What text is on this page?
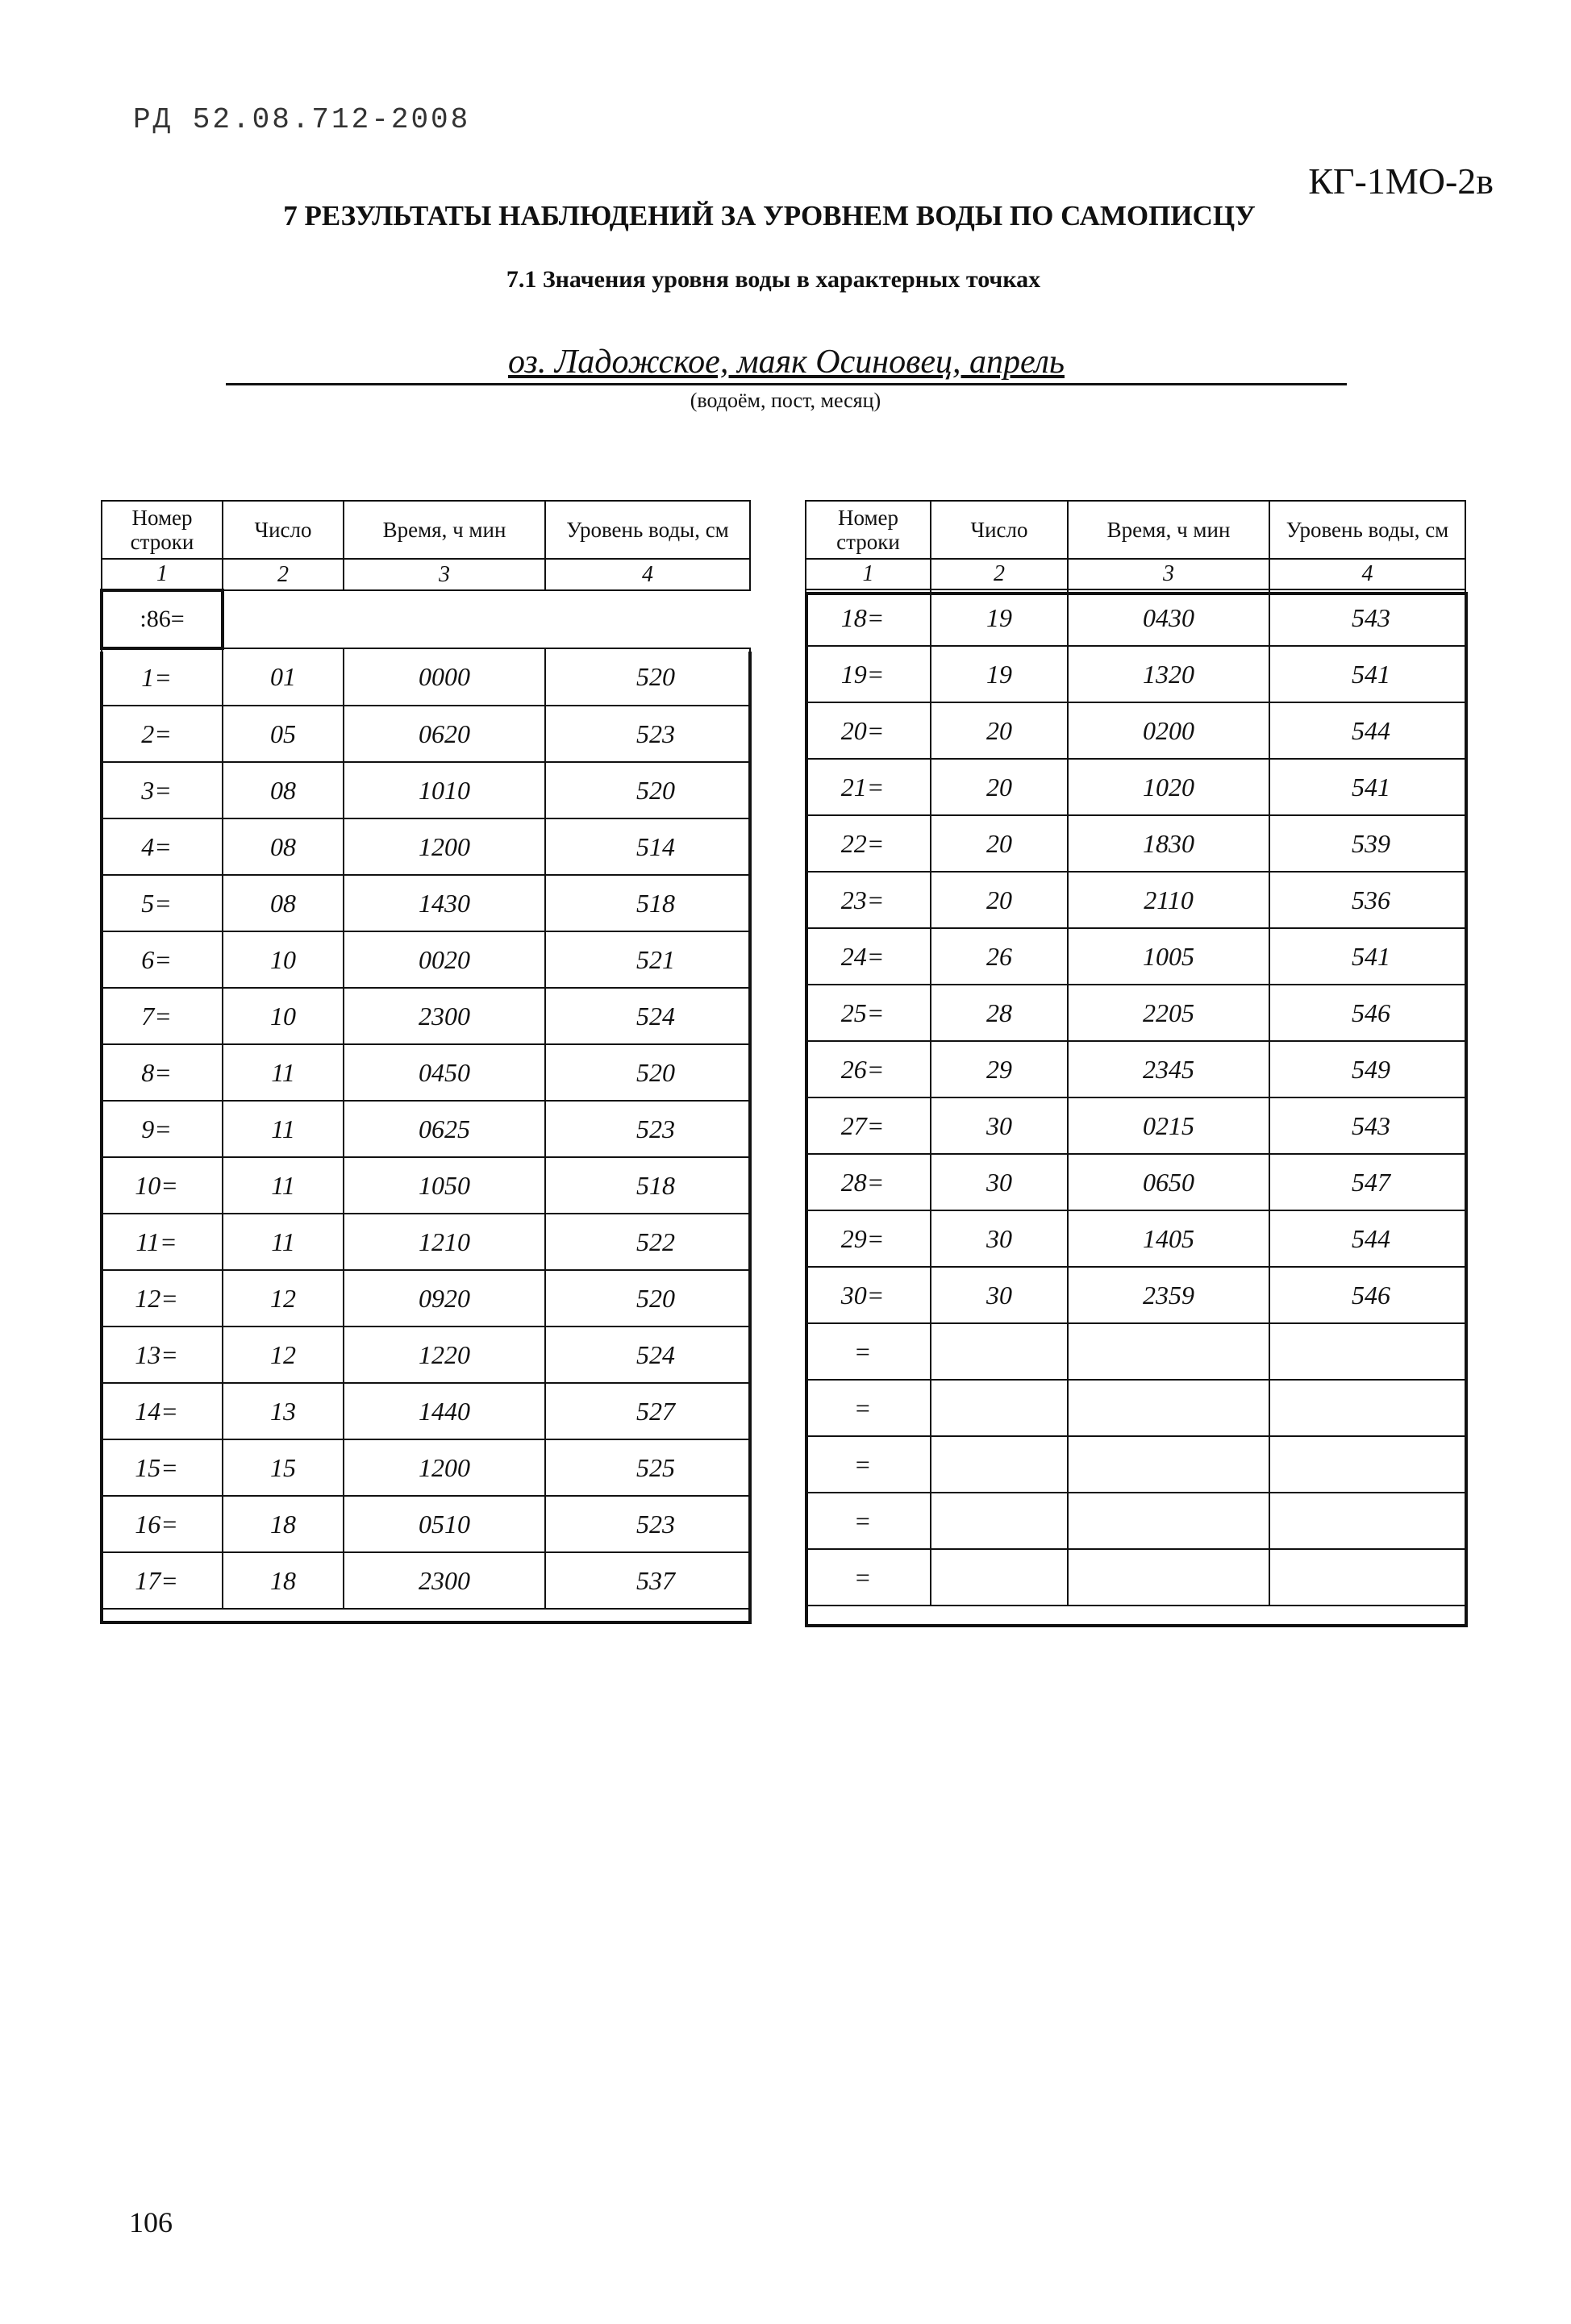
РД 52.08.712-2008
КГ-1МО-2в
7 РЕЗУЛЬТАТЫ НАБЛЮДЕНИЙ ЗА УРОВНЕМ ВОДЫ ПО САМОПИСЦУ
7.1 Значения уровня воды в характерных точках
оз. Ладожское, маяк Осиновец, апрель
(водоём, пост, месяц)
Номер строки	Число	Время, ч мин	Уровень воды, см
1	2	3	4
:86=			
1=	01	0000	520
2=	05	0620	523
3=	08	1010	520
4=	08	1200	514
5=	08	1430	518
6=	10	0020	521
7=	10	2300	524
8=	11	0450	520
9=	11	0625	523
10=	11	1050	518
11=	11	1210	522
12=	12	0920	520
13=	12	1220	524
14=	13	1440	527
15=	15	1200	525
16=	18	0510	523
17=	18	2300	537
Номер строки	Число	Время, ч мин	Уровень воды, см
1	2	3	4
18=	19	0430	543
19=	19	1320	541
20=	20	0200	544
21=	20	1020	541
22=	20	1830	539
23=	20	2110	536
24=	26	1005	541
25=	28	2205	546
26=	29	2345	549
27=	30	0215	543
28=	30	0650	547
29=	30	1405	544
30=	30	2359	546
=			
=			
=			
=			
=			
106
